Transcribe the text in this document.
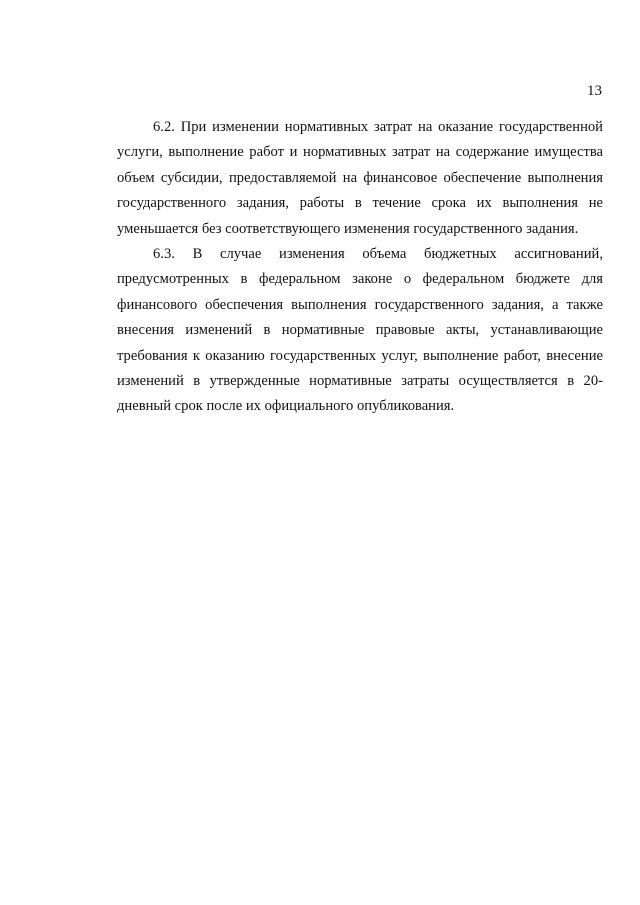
13

6.2. При изменении нормативных затрат на оказание государственной услуги, выполнение работ и нормативных затрат на содержание имущества объем субсидии, предоставляемой на финансовое обеспечение выполнения государственного задания, работы в течение срока их выполнения не уменьшается без соответствующего изменения государственного задания.

6.3. В случае изменения объема бюджетных ассигнований, предусмотренных в федеральном законе о федеральном бюджете для финансового обеспечения выполнения государственного задания, а также внесения изменений в нормативные правовые акты, устанавливающие требования к оказанию государственных услуг, выполнение работ, внесение изменений в утвержденные нормативные затраты осуществляется в 20-дневный срок после их официального опубликования.
